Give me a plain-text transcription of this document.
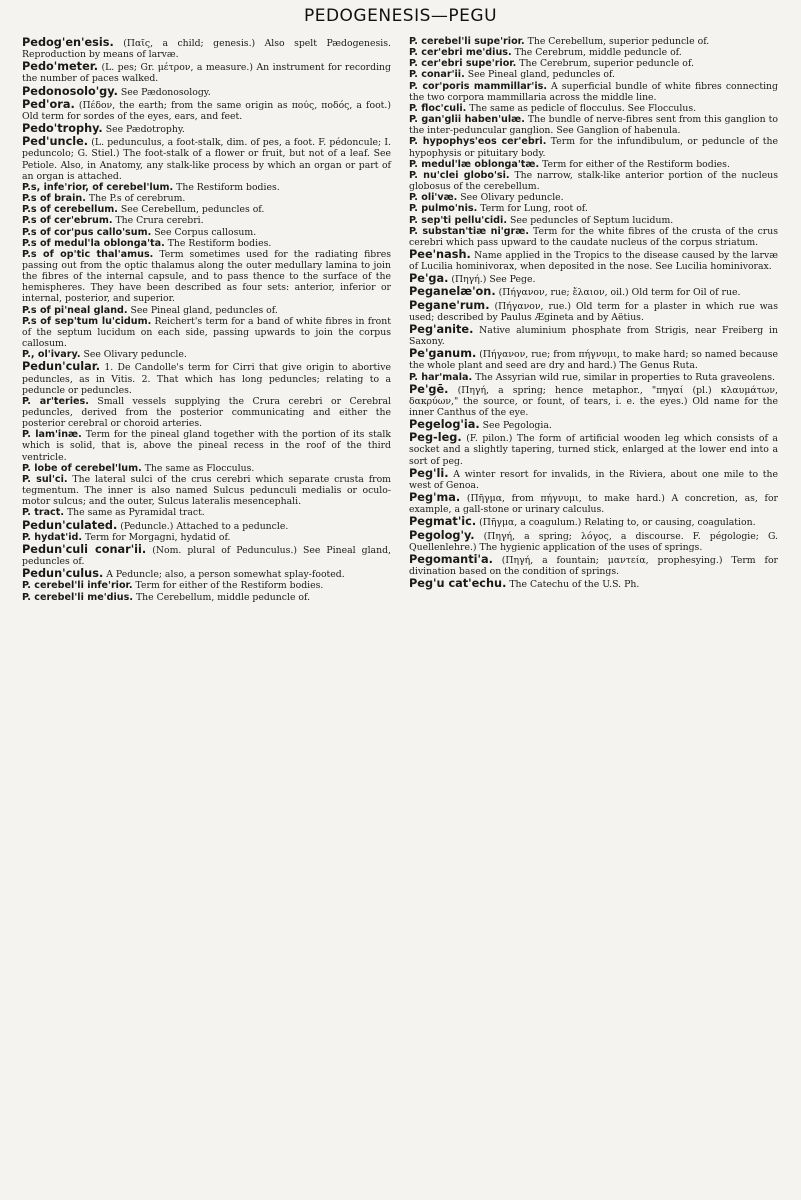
PEDOGENESIS—PEGU

Pedog'en'esis. (Παῖς, a child; genesis.) Also spelt Pædogenesis. Reproduction by means of larvæ.

Pedo'meter. (L. pes; Gr. μέτρον, a measure.) An instrument for recording the number of paces walked.

Pedonosolo'gy. See Pædonosology.

Ped'ora. (Πέδον, the earth; from the same origin as πούς, ποδός, a foot.) Old term for sordes of the eyes, ears, and feet.

Pedo'trophy. See Pædotrophy.

Ped'uncle. (L. pedunculus, a foot-stalk, dim. of pes, a foot. F. pédoncule; I. peduncolo; G. Stiel.) The foot-stalk of a flower or fruit, but not of a leaf. See Petiole. Also, in Anatomy, any stalk-like process by which an organ or part of an organ is attached.

P.s, infe'rior, of cerebel'lum. The Restiform bodies.

P.s of brain. The P.s of cerebrum.

P.s of cerebellum. See Cerebellum, peduncles of.

P.s of cer'ebrum. The Crura cerebri.

P.s of cor'pus callo'sum. See Corpus callosum.

P.s of medul'la oblonga'ta. The Restiform bodies.

P.s of op'tic thal'amus. Term sometimes used for the radiating fibres passing out from the optic thalamus along the outer medullary lamina to join the fibres of the internal capsule, and to pass thence to the surface of the hemispheres. They have been described as four sets: anterior, inferior or internal, posterior, and superior.

P.s of pi'neal gland. See Pineal gland, peduncles of.

P.s of sep'tum lu'cidum. Reichert's term for a band of white fibres in front of the septum lucidum on each side, passing upwards to join the corpus callosum.

P., ol'ivary. See Olivary peduncle.

Pedun'cular. 1. De Candolle's term for Cirri that give origin to abortive peduncles, as in Vitis. 2. That which has long peduncles; relating to a peduncle or peduncles.

P. ar'teries. Small vessels supplying the Crura cerebri or Cerebral peduncles, derived from the posterior communicating and either the posterior cerebral or choroid arteries.

P. lam'inæ. Term for the pineal gland together with the portion of its stalk which is solid, that is, above the pineal recess in the roof of the third ventricle.

P. lobe of cerebel'lum. The same as Flocculus.

P. sul'ci. The lateral sulci of the crus cerebri which separate crusta from tegmentum. The inner is also named Sulcus pedunculi medialis or oculo-motor sulcus; and the outer, Sulcus lateralis mesencephali.

P. tract. The same as Pyramidal tract.

Pedun'culated. (Peduncle.) Attached to a peduncle.

P. hydat'id. Term for Morgagni, hydatid of.

Pedun'culi conar'ii. (Nom. plural of Pedunculus.) See Pineal gland, peduncles of.

Pedun'culus. A Peduncle; also, a person somewhat splay-footed.

P. cerebel'li infe'rior. Term for either of the Restiform bodies.

P. cerebel'li me'dius. The Cerebellum, middle peduncle of.

P. cerebel'li supe'rior. The Cerebellum, superior peduncle of.

P. cer'ebri me'dius. The Cerebrum, middle peduncle of.

P. cer'ebri supe'rior. The Cerebrum, superior peduncle of.

P. conar'ii. See Pineal gland, peduncles of.

P. cor'poris mammillar'is. A superficial bundle of white fibres connecting the two corpora mammillaria across the middle line.

P. floc'culi. The same as pedicle of flocculus. See Flocculus.

P. gan'glii haben'ulæ. The bundle of nerve-fibres sent from this ganglion to the inter-peduncular ganglion. See Ganglion of habenula.

P. hypophys'eos cer'ebri. Term for the infundibulum, or peduncle of the hypophysis or pituitary body.

P. medul'læ oblonga'tæ. Term for either of the Restiform bodies.

P. nu'clei globo'si. The narrow, stalk-like anterior portion of the nucleus globosus of the cerebellum.

P. oli'væ. See Olivary peduncle.

P. pulmo'nis. Term for Lung, root of.

P. sep'ti pellu'cidi. See peduncles of Septum lucidum.

P. substan'tiæ ni'græ. Term for the white fibres of the crusta of the crus cerebri which pass upward to the caudate nucleus of the corpus striatum.

Pee'nash. Name applied in the Tropics to the disease caused by the larvæ of Lucilia hominivorax, when deposited in the nose. See Lucilia hominivorax.

Pe'ga. (Πηγή.) See Pege.

Peganelæ'on. (Πήγανον, rue; ἔλαιον, oil.) Old term for Oil of rue.

Pegane'rum. (Πήγανον, rue.) Old term for a plaster in which rue was used; described by Paulus Ægineta and by Aëtius.

Peg'anite. Native aluminium phosphate from Strigis, near Freiberg in Saxony.

Pe'ganum. (Πήγανον, rue; from πήγνυμι, to make hard; so named because the whole plant and seed are dry and hard.) The Genus Ruta.

P. har'mala. The Assyrian wild rue, similar in properties to Ruta graveolens.

Pe'gē. (Πηγή, a spring; hence metaphor., "πηγαί (pl.) κλαυμάτων, δακρύων," the source, or fount, of tears, i. e. the eyes.) Old name for the inner Canthus of the eye.

Pegelog'ia. See Pegologia.

Peg-leg. (F. pilon.) The form of artificial wooden leg which consists of a socket and a slightly tapering, turned stick, enlarged at the lower end into a sort of peg.

Peg'li. A winter resort for invalids, in the Riviera, about one mile to the west of Genoa.

Peg'ma. (Πῆγμα, from πήγνυμι, to make hard.) A concretion, as, for example, a gall-stone or urinary calculus.

Pegmat'ic. (Πῆγμα, a coagulum.) Relating to, or causing, coagulation.

Pegolog'y. (Πηγή, a spring; λόγος, a discourse. F. pégologie; G. Quellenlehre.) The hygienic application of the uses of springs.

Pegomanti'a. (Πηγή, a fountain; μαντεία, prophesying.) Term for divination based on the condition of springs.

Peg'u cat'echu. The Catechu of the U.S. Ph.
